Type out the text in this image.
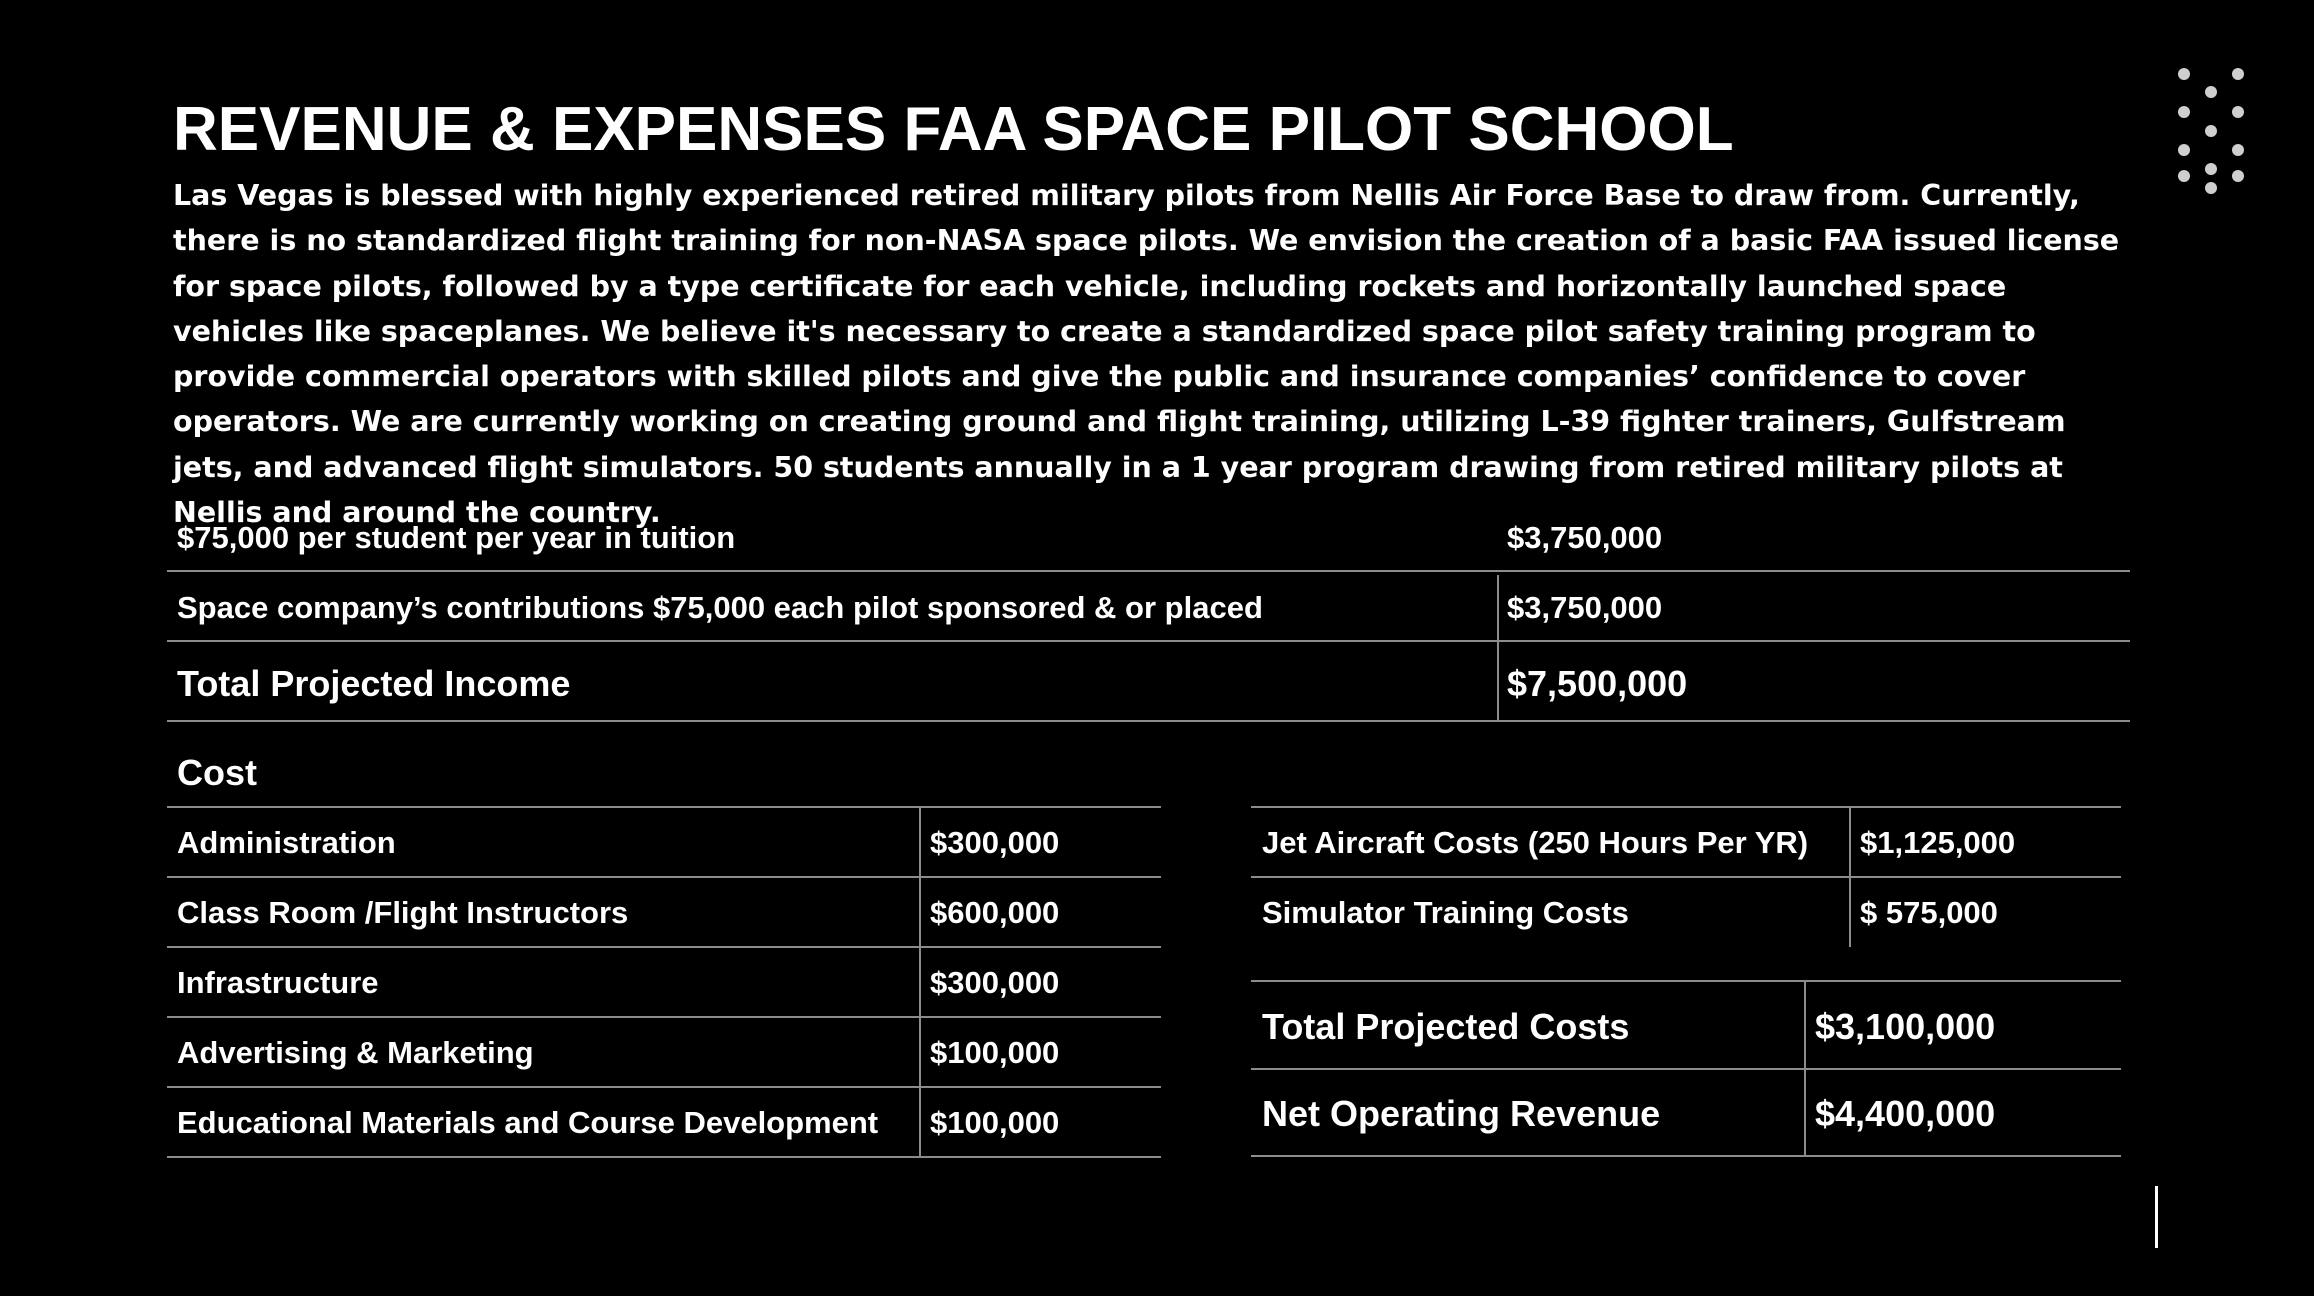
REVENUE & EXPENSES FAA SPACE PILOT SCHOOL

Las Vegas is blessed with highly experienced retired military pilots from Nellis Air Force Base to draw from. Currently, there is no standardized flight training for non-NASA space pilots. We envision the creation of a basic FAA issued license for space pilots, followed by a type certificate for each vehicle, including rockets and horizontally launched space vehicles like spaceplanes. We believe it's necessary to create a standardized space pilot safety training program to provide commercial operators with skilled pilots and give the public and insurance companies’ confidence to cover operators. We are currently working on creating ground and flight training, utilizing L-39 fighter trainers, Gulfstream jets, and advanced flight simulators. 50 students annually in a 1 year program drawing from retired military pilots at Nellis and around the country.

$75,000 per student per year in tuition	$3,750,000
Space company’s contributions $75,000 each pilot sponsored & or placed	$3,750,000
Total Projected Income	$7,500,000
Cost
Administration	$300,000
Class Room /Flight Instructors	$600,000
Infrastructure	$300,000
Advertising & Marketing	$100,000
Educational Materials and Course Development $100,000
Jet Aircraft Costs (250 Hours Per YR) $1,125,000
Simulator Training Costs	$ 575,000
Total Projected Costs	$3,100,000
Net Operating Revenue	$4,400,000
